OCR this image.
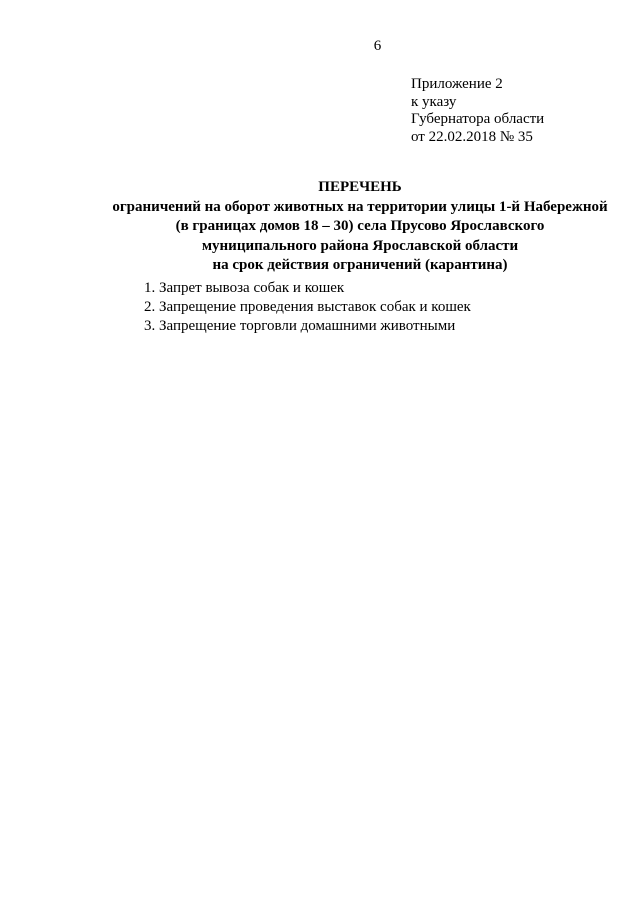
6
Приложение 2
к указу
Губернатора области
от 22.02.2018 № 35
ПЕРЕЧЕНЬ
ограничений на оборот животных на территории улицы 1-й Набережной
(в границах домов 18 – 30) села Прусово Ярославского
муниципального района Ярославской области
на срок действия ограничений (карантина)
1. Запрет вывоза собак и кошек
2. Запрещение проведения выставок собак и кошек
3. Запрещение торговли домашними животными
